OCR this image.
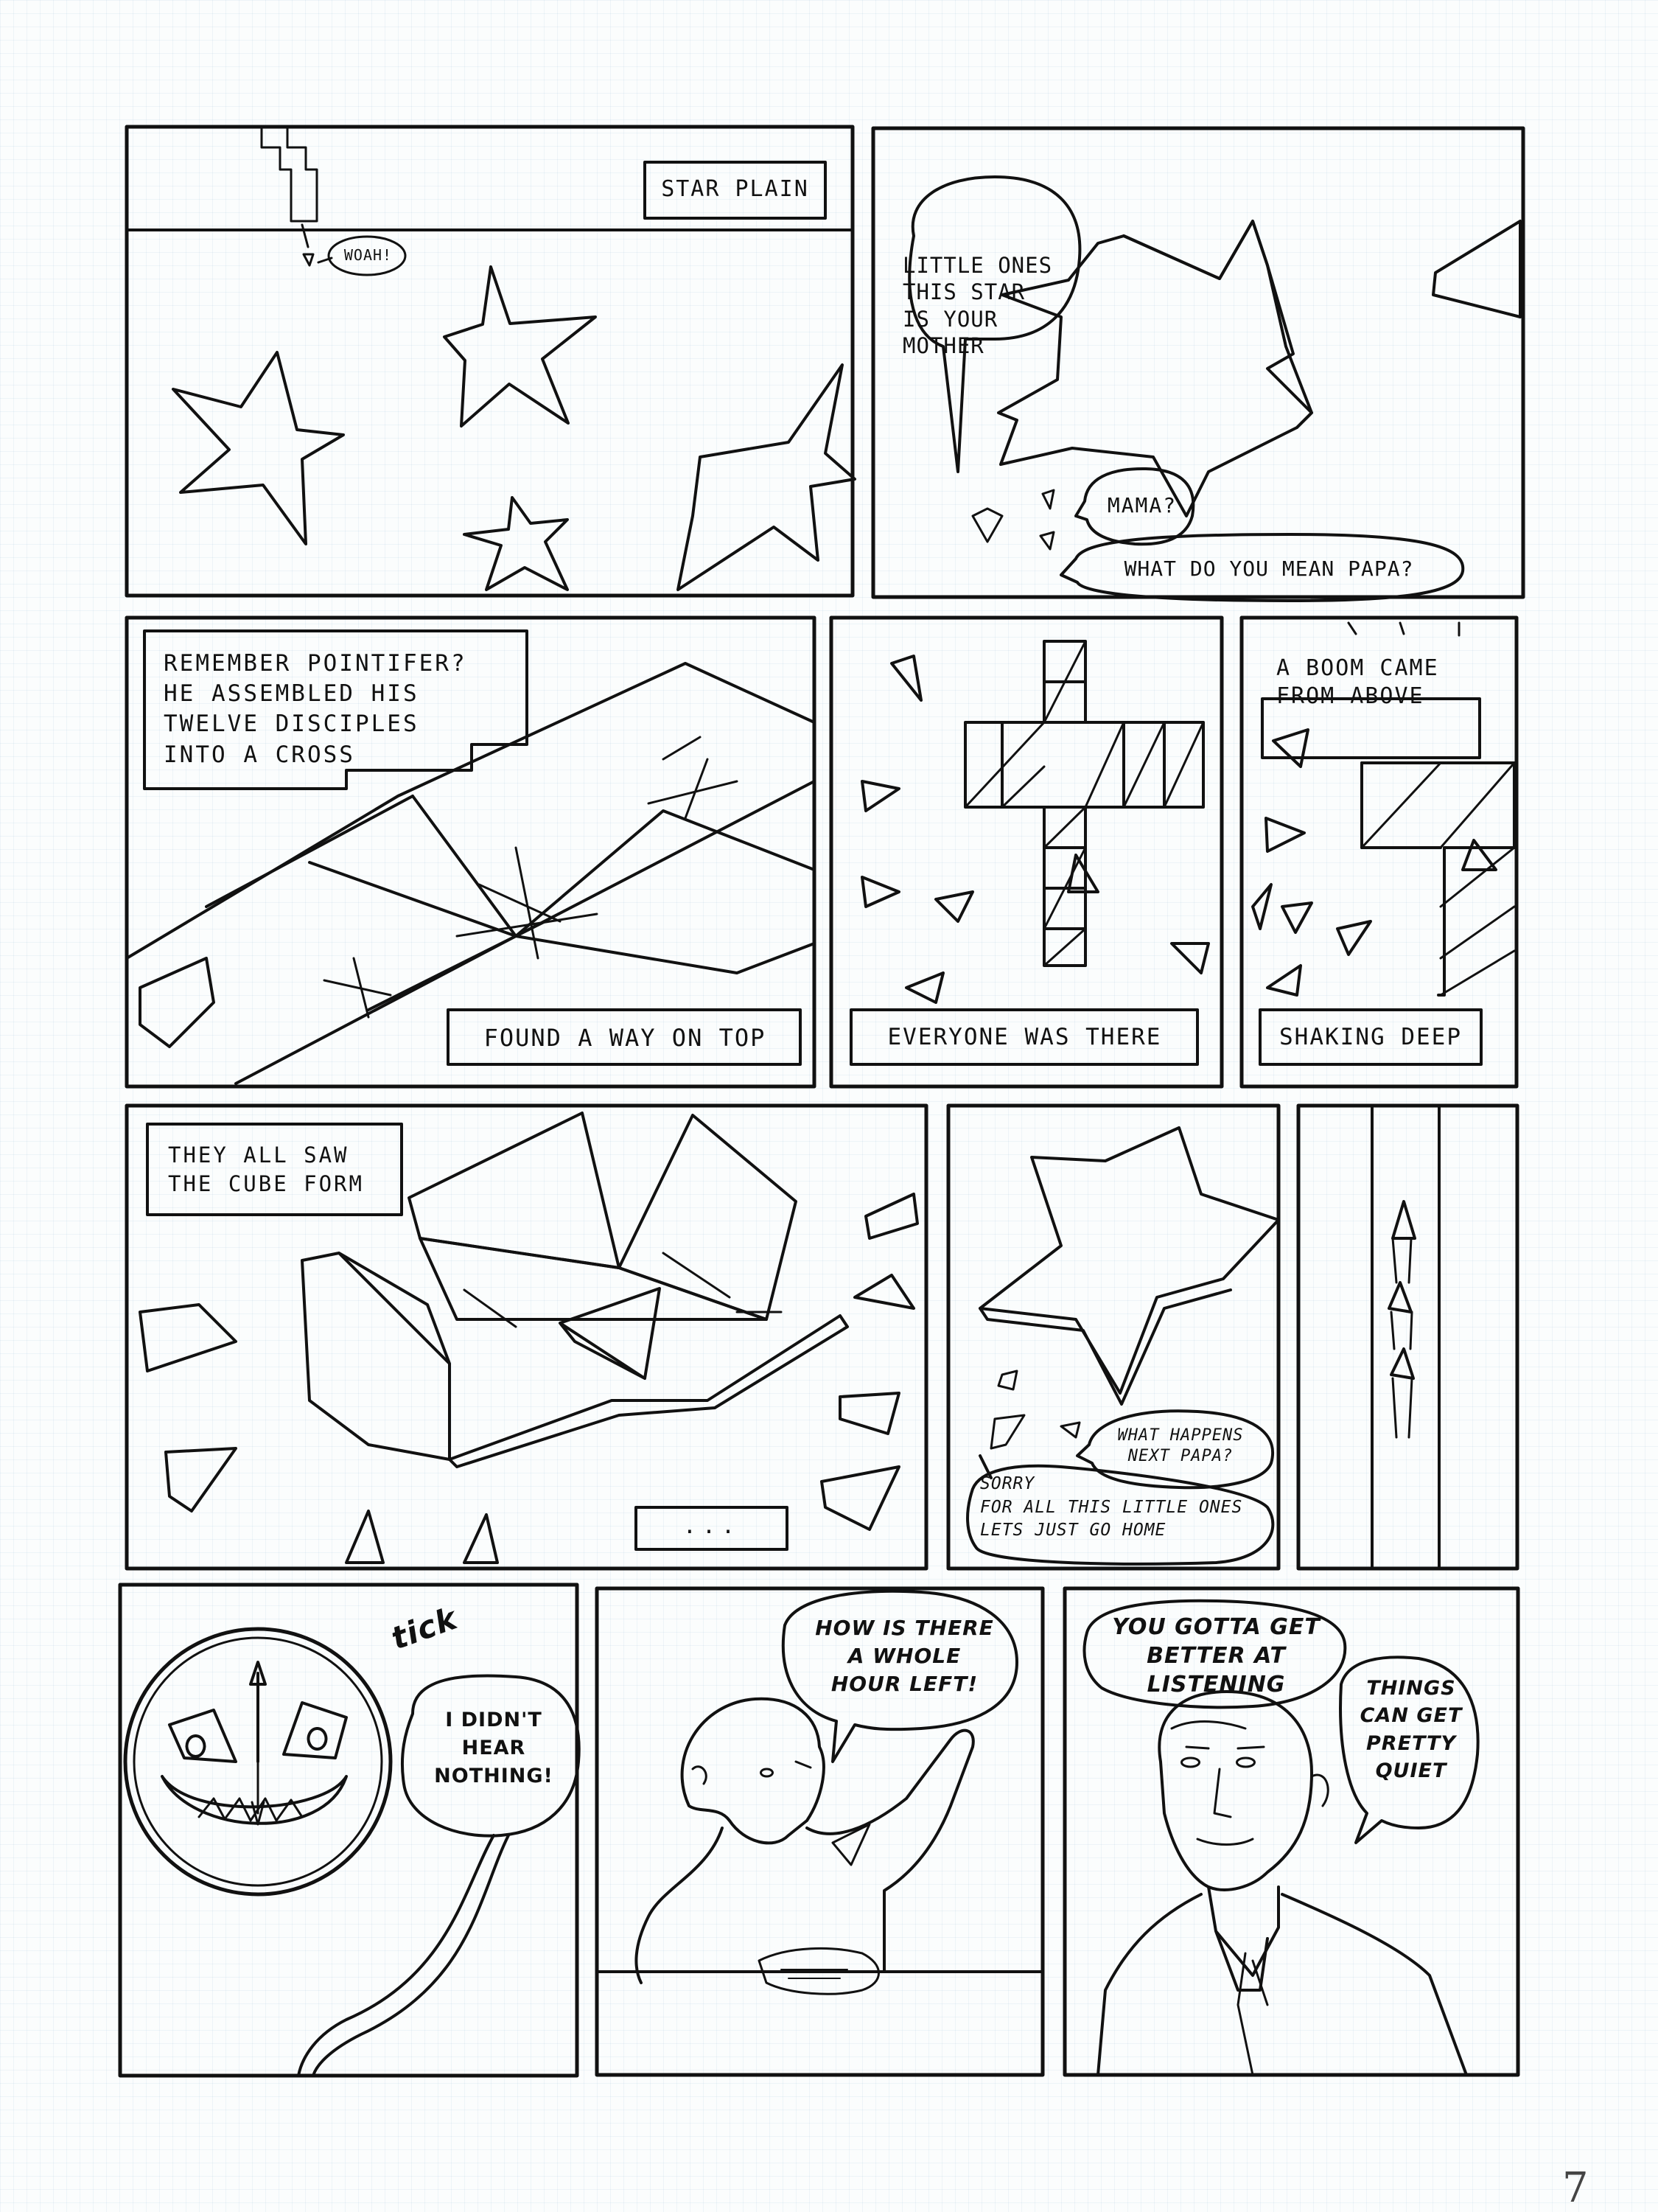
STAR PLAIN
WOAH!	LITTLE ONES
THIS STAR
IS YOUR
MOTHER
MAMA?
WHAT DO YOU MEAN PAPA?
REMEMBER POINTIFER?
HE ASSEMBLED HIS
TWELVE DISCIPLES
INTO A CROSS
FOUND A WAY ON TOP	EVERYONE WAS THERE
A BOOM CAME
FROM ABOVE
SHAKING DEEP
THEY ALL SAW
THE CUBE FORM
...
WHAT HAPPENS
NEXT PAPA?
SORRY
FOR ALL THIS LITTLE ONES
LETS JUST GO HOME
tick
I DIDN'T
HEAR
NOTHING!
HOW IS THERE
A WHOLE
HOUR LEFT!
YOU GOTTA GET
BETTER AT
LISTENING	THINGS
CAN GET
PRETTY
QUIET
7
